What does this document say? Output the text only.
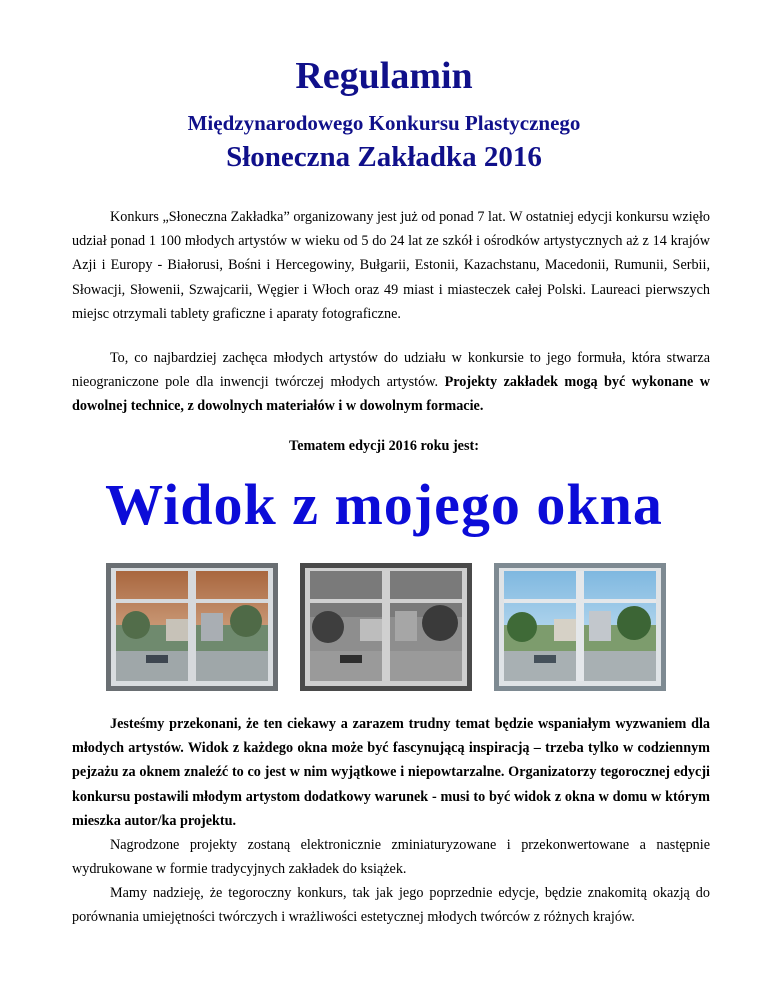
Regulamin
Międzynarodowego Konkursu Plastycznego
Słoneczna Zakładka 2016
Konkurs „Słoneczna Zakładka” organizowany jest już od ponad 7 lat. W ostatniej edycji konkursu wzięło udział ponad 1 100 młodych artystów w wieku od 5 do 24 lat ze szkół i ośrodków artystycznych aż z 14 krajów Azji i Europy - Białorusi, Bośni i Hercegowiny, Bułgarii, Estonii, Kazachstanu, Macedonii, Rumunii, Serbii, Słowacji, Słowenii, Szwajcarii, Węgier i Włoch oraz 49 miast i miasteczek całej Polski. Laureaci pierwszych miejsc otrzymali tablety graficzne i aparaty fotograficzne.
To, co najbardziej zachęca młodych artystów do udziału w konkursie to jego formuła, która stwarza nieograniczone pole dla inwencji twórczej młodych artystów. Projekty zakładek mogą być wykonane w dowolnej technice, z dowolnych materiałów i w dowolnym formacie.
Tematem edycji 2016 roku jest:
Widok z mojego okna
Jesteśmy przekonani, że ten ciekawy a zarazem trudny temat będzie wspaniałym wyzwaniem dla młodych artystów. Widok z każdego okna może być fascynującą inspiracją – trzeba tylko w codziennym pejzażu za oknem znaleźć to co jest w nim wyjątkowe i niepowtarzalne. Organizatorzy tegorocznej edycji konkursu postawili młodym artystom dodatkowy warunek - musi to być widok z okna w domu w którym mieszka autor/ka projektu.
Nagrodzone projekty zostaną elektronicznie zminiaturyzowane i przekonwertowane a następnie wydrukowane w formie tradycyjnych zakładek do książek.
Mamy nadzieję, że tegoroczny konkurs, tak jak jego poprzednie edycje, będzie znakomitą okazją do porównania umiejętności twórczych i wrażliwości estetycznej młodych twórców z różnych krajów.
